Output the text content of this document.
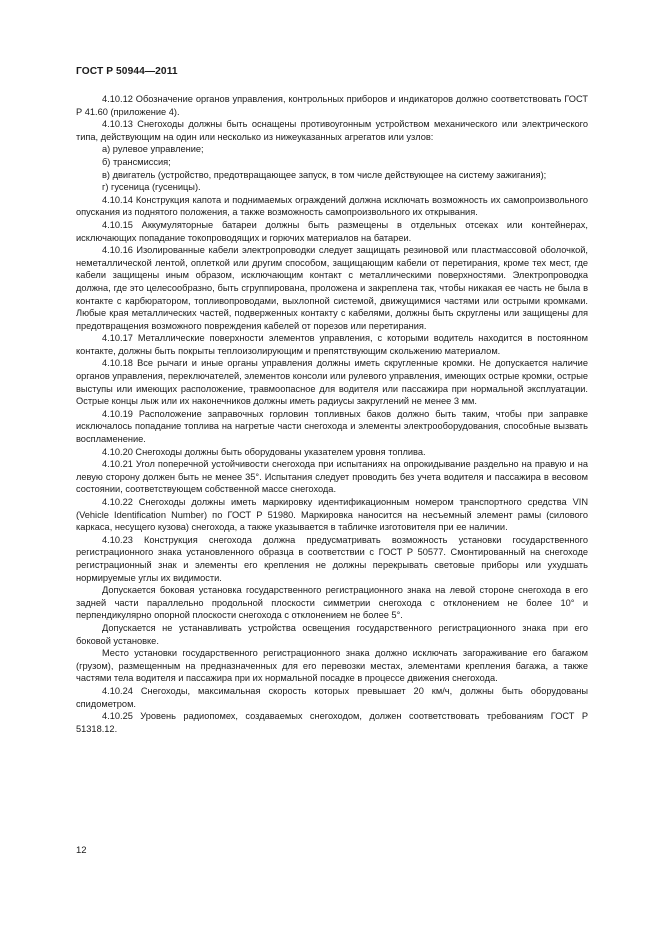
ГОСТ Р 50944—2011

4.10.12 Обозначение органов управления, контрольных приборов и индикаторов должно соответствовать ГОСТ Р 41.60 (приложение 4).

4.10.13 Снегоходы должны быть оснащены противоугонным устройством механического или электрического типа, действующим на один или несколько из нижеуказанных агрегатов или узлов:

а) рулевое управление;

б) трансмиссия;

в) двигатель (устройство, предотвращающее запуск, в том числе действующее на систему зажигания);

г) гусеница (гусеницы).

4.10.14 Конструкция капота и поднимаемых ограждений должна исключать возможность их самопроизвольного опускания из поднятого положения, а также возможность самопроизвольного их открывания.

4.10.15 Аккумуляторные батареи должны быть размещены в отдельных отсеках или контейнерах, исключающих попадание токопроводящих и горючих материалов на батареи.

4.10.16 Изолированные кабели электропроводки следует защищать резиновой или пластмассовой оболочкой, неметаллической лентой, оплеткой или другим способом, защищающим кабели от перетирания, кроме тех мест, где кабели защищены иным образом, исключающим контакт с металлическими поверхностями. Электропроводка должна, где это целесообразно, быть сгруппирована, проложена и закреплена так, чтобы никакая ее часть не была в контакте с карбюратором, топливопроводами, выхлопной системой, движущимися частями или острыми кромками. Любые края металлических частей, подверженных контакту с кабелями, должны быть скруглены или защищены для предотвращения возможного повреждения кабелей от порезов или перетирания.

4.10.17 Металлические поверхности элементов управления, с которыми водитель находится в постоянном контакте, должны быть покрыты теплоизолирующим и препятствующим скольжению материалом.

4.10.18 Все рычаги и иные органы управления должны иметь скругленные кромки. Не допускается наличие органов управления, переключателей, элементов консоли или рулевого управления, имеющих острые кромки, острые выступы или имеющих расположение, травмоопасное для водителя или пассажира при нормальной эксплуатации. Острые концы лыж или их наконечников должны иметь радиусы закруглений не менее 3 мм.

4.10.19 Расположение заправочных горловин топливных баков должно быть таким, чтобы при заправке исключалось попадание топлива на нагретые части снегохода и элементы электрооборудования, способные вызвать воспламенение.

4.10.20 Снегоходы должны быть оборудованы указателем уровня топлива.

4.10.21 Угол поперечной устойчивости снегохода при испытаниях на опрокидывание раздельно на правую и на левую сторону должен быть не менее 35°. Испытания следует проводить без учета водителя и пассажира в весовом состоянии, соответствующем собственной массе снегохода.

4.10.22 Снегоходы должны иметь маркировку идентификационным номером транспортного средства VIN (Vehicle Identification Number) по ГОСТ Р 51980. Маркировка наносится на несъемный элемент рамы (силового каркаса, несущего кузова) снегохода, а также указывается в табличке изготовителя при ее наличии.

4.10.23 Конструкция снегохода должна предусматривать возможность установки государственного регистрационного знака установленного образца в соответствии с ГОСТ Р 50577. Смонтированный на снегоходе регистрационный знак и элементы его крепления не должны перекрывать световые приборы или ухудшать нормируемые углы их видимости.

Допускается боковая установка государственного регистрационного знака на левой стороне снегохода в его задней части параллельно продольной плоскости симметрии снегохода с отклонением не более 10° и перпендикулярно опорной плоскости снегохода с отклонением не более 5°.

Допускается не устанавливать устройства освещения государственного регистрационного знака при его боковой установке.

Место установки государственного регистрационного знака должно исключать загораживание его багажом (грузом), размещенным на предназначенных для его перевозки местах, элементами крепления багажа, а также частями тела водителя и пассажира при их нормальной посадке в процессе движения снегохода.

4.10.24 Снегоходы, максимальная скорость которых превышает 20 км/ч, должны быть оборудованы спидометром.

4.10.25 Уровень радиопомех, создаваемых снегоходом, должен соответствовать требованиям ГОСТ Р 51318.12.

12
